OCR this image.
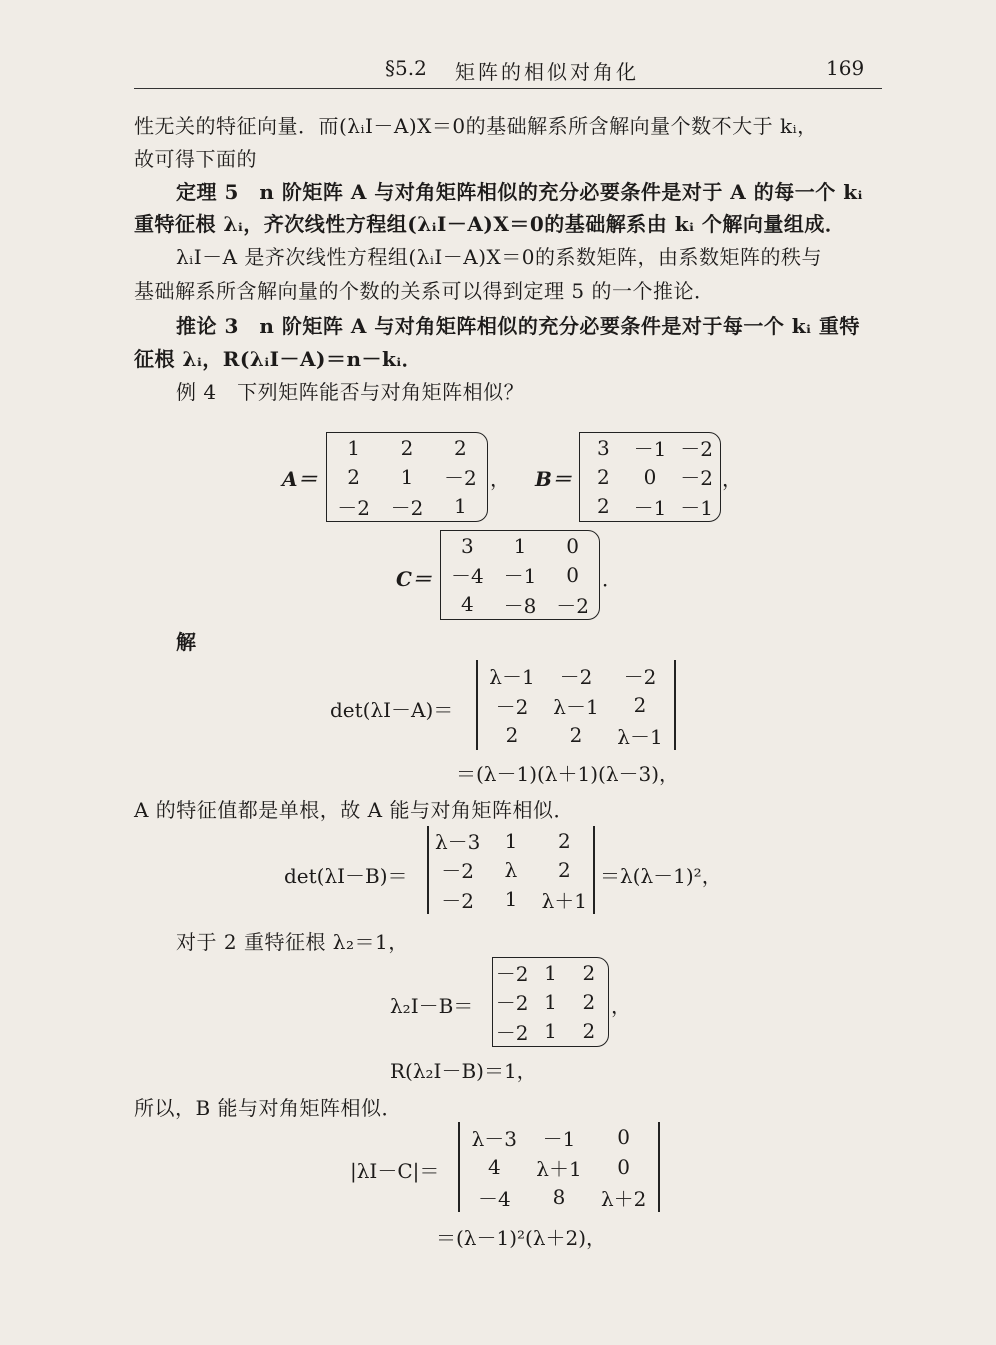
§5.2 矩阵的相似对角化	169
性无关的特征向量．而(λᵢI－A)X＝0的基础解系所含解向量个数不大于 kᵢ，
故可得下面的
定理 5　n 阶矩阵 A 与对角矩阵相似的充分必要条件是对于 A 的每一个 kᵢ
重特征根 λᵢ，齐次线性方程组(λᵢI－A)X＝0的基础解系由 kᵢ 个解向量组成．
λᵢI－A 是齐次线性方程组(λᵢI－A)X＝0的系数矩阵，由系数矩阵的秩与
基础解系所含解向量的个数的关系可以得到定理 5 的一个推论．
推论 3　n 阶矩阵 A 与对角矩阵相似的充分必要条件是对于每一个 kᵢ 重特
征根 λᵢ，R(λᵢI－A)＝n－kᵢ．
例 4　下列矩阵能否与对角矩阵相似？
A＝
1	2	2
2	1	－2
－2	－2	1
， B＝
3	－1 －2
2	0	－2
2	－1 －1
，
C＝
3	1	0
－4 －1	0
4	－8 －2
．
解
det(λI－A)＝
λ－1	－2	－2
－2	λ－1	2
2	2	λ－1
＝(λ－1)(λ＋1)(λ－3)，
A 的特征值都是单根，故 A 能与对角矩阵相似．
det(λI－B)＝
λ－3	1	2
－2	λ	2
－2	1	λ＋1
＝λ(λ－1)²，
对于 2 重特征根 λ₂＝1，
λ₂I－B＝
－2 1	2
－2 1	2
－2 1	2
，
R(λ₂I－B)＝1，
所以，B 能与对角矩阵相似．
|λI－C|＝
λ－3	－1	0
4	λ＋1	0
－4	8	λ＋2
＝(λ－1)²(λ＋2)，
